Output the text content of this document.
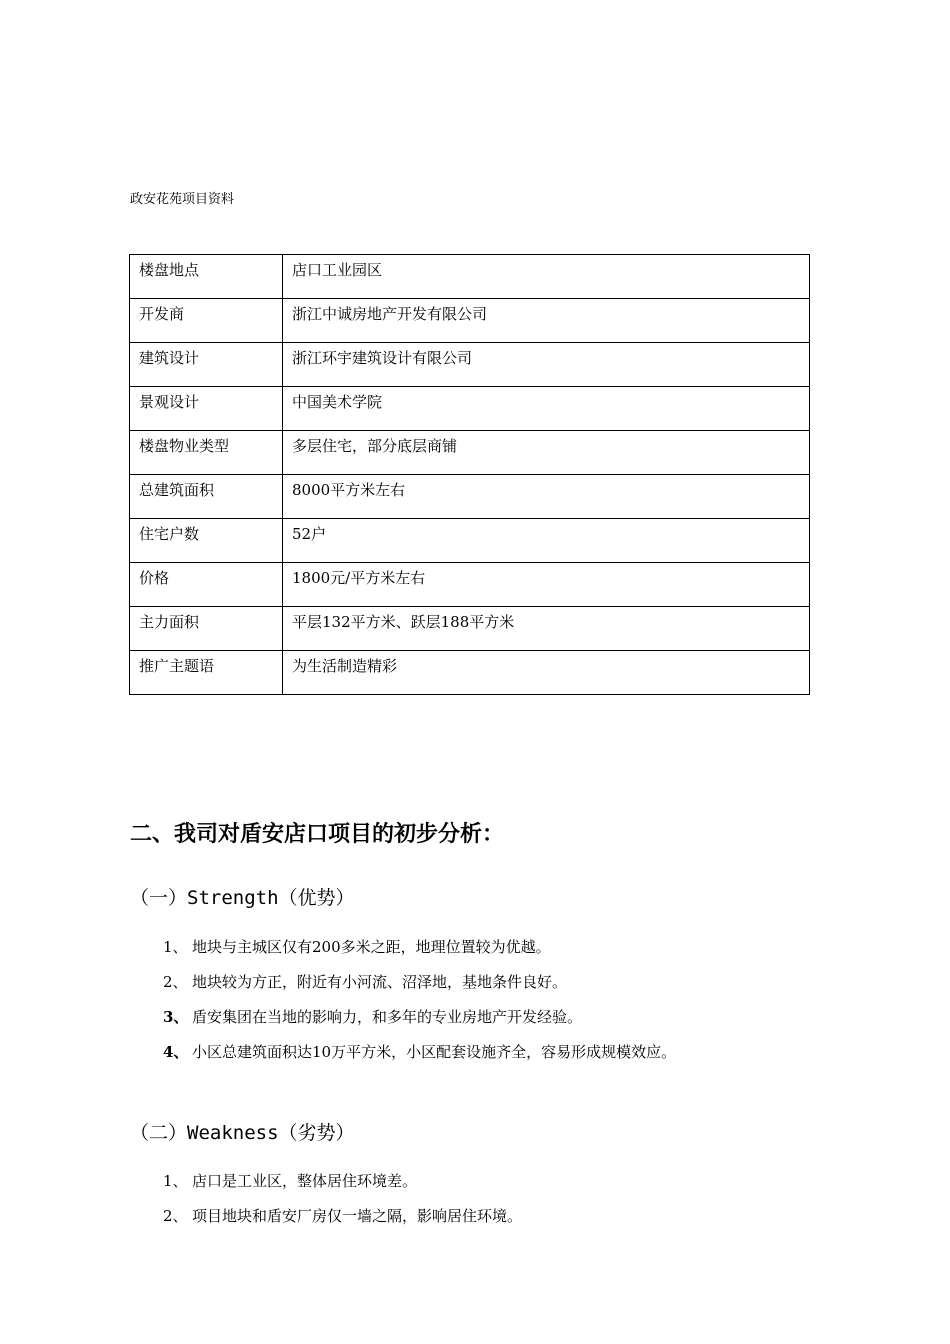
政安花苑项目资料
楼盘地点	店口工业园区
开发商	浙江中诚房地产开发有限公司
建筑设计	浙江环宇建筑设计有限公司
景观设计	中国美术学院
楼盘物业类型	多层住宅，部分底层商铺
总建筑面积	8000平方米左右
住宅户数	52户
价格	1800元/平方米左右
主力面积	平层132平方米、跃层188平方米
推广主题语	为生活制造精彩
二、我司对盾安店口项目的初步分析：
（一）Strength（优势）
1、 地块与主城区仅有200多米之距，地理位置较为优越。
2、 地块较为方正，附近有小河流、沼泽地，基地条件良好。
3、 盾安集团在当地的影响力，和多年的专业房地产开发经验。
4、 小区总建筑面积达10万平方米，小区配套设施齐全，容易形成规模效应。
（二）Weakness（劣势）
1、 店口是工业区，整体居住环境差。
2、 项目地块和盾安厂房仅一墙之隔，影响居住环境。
